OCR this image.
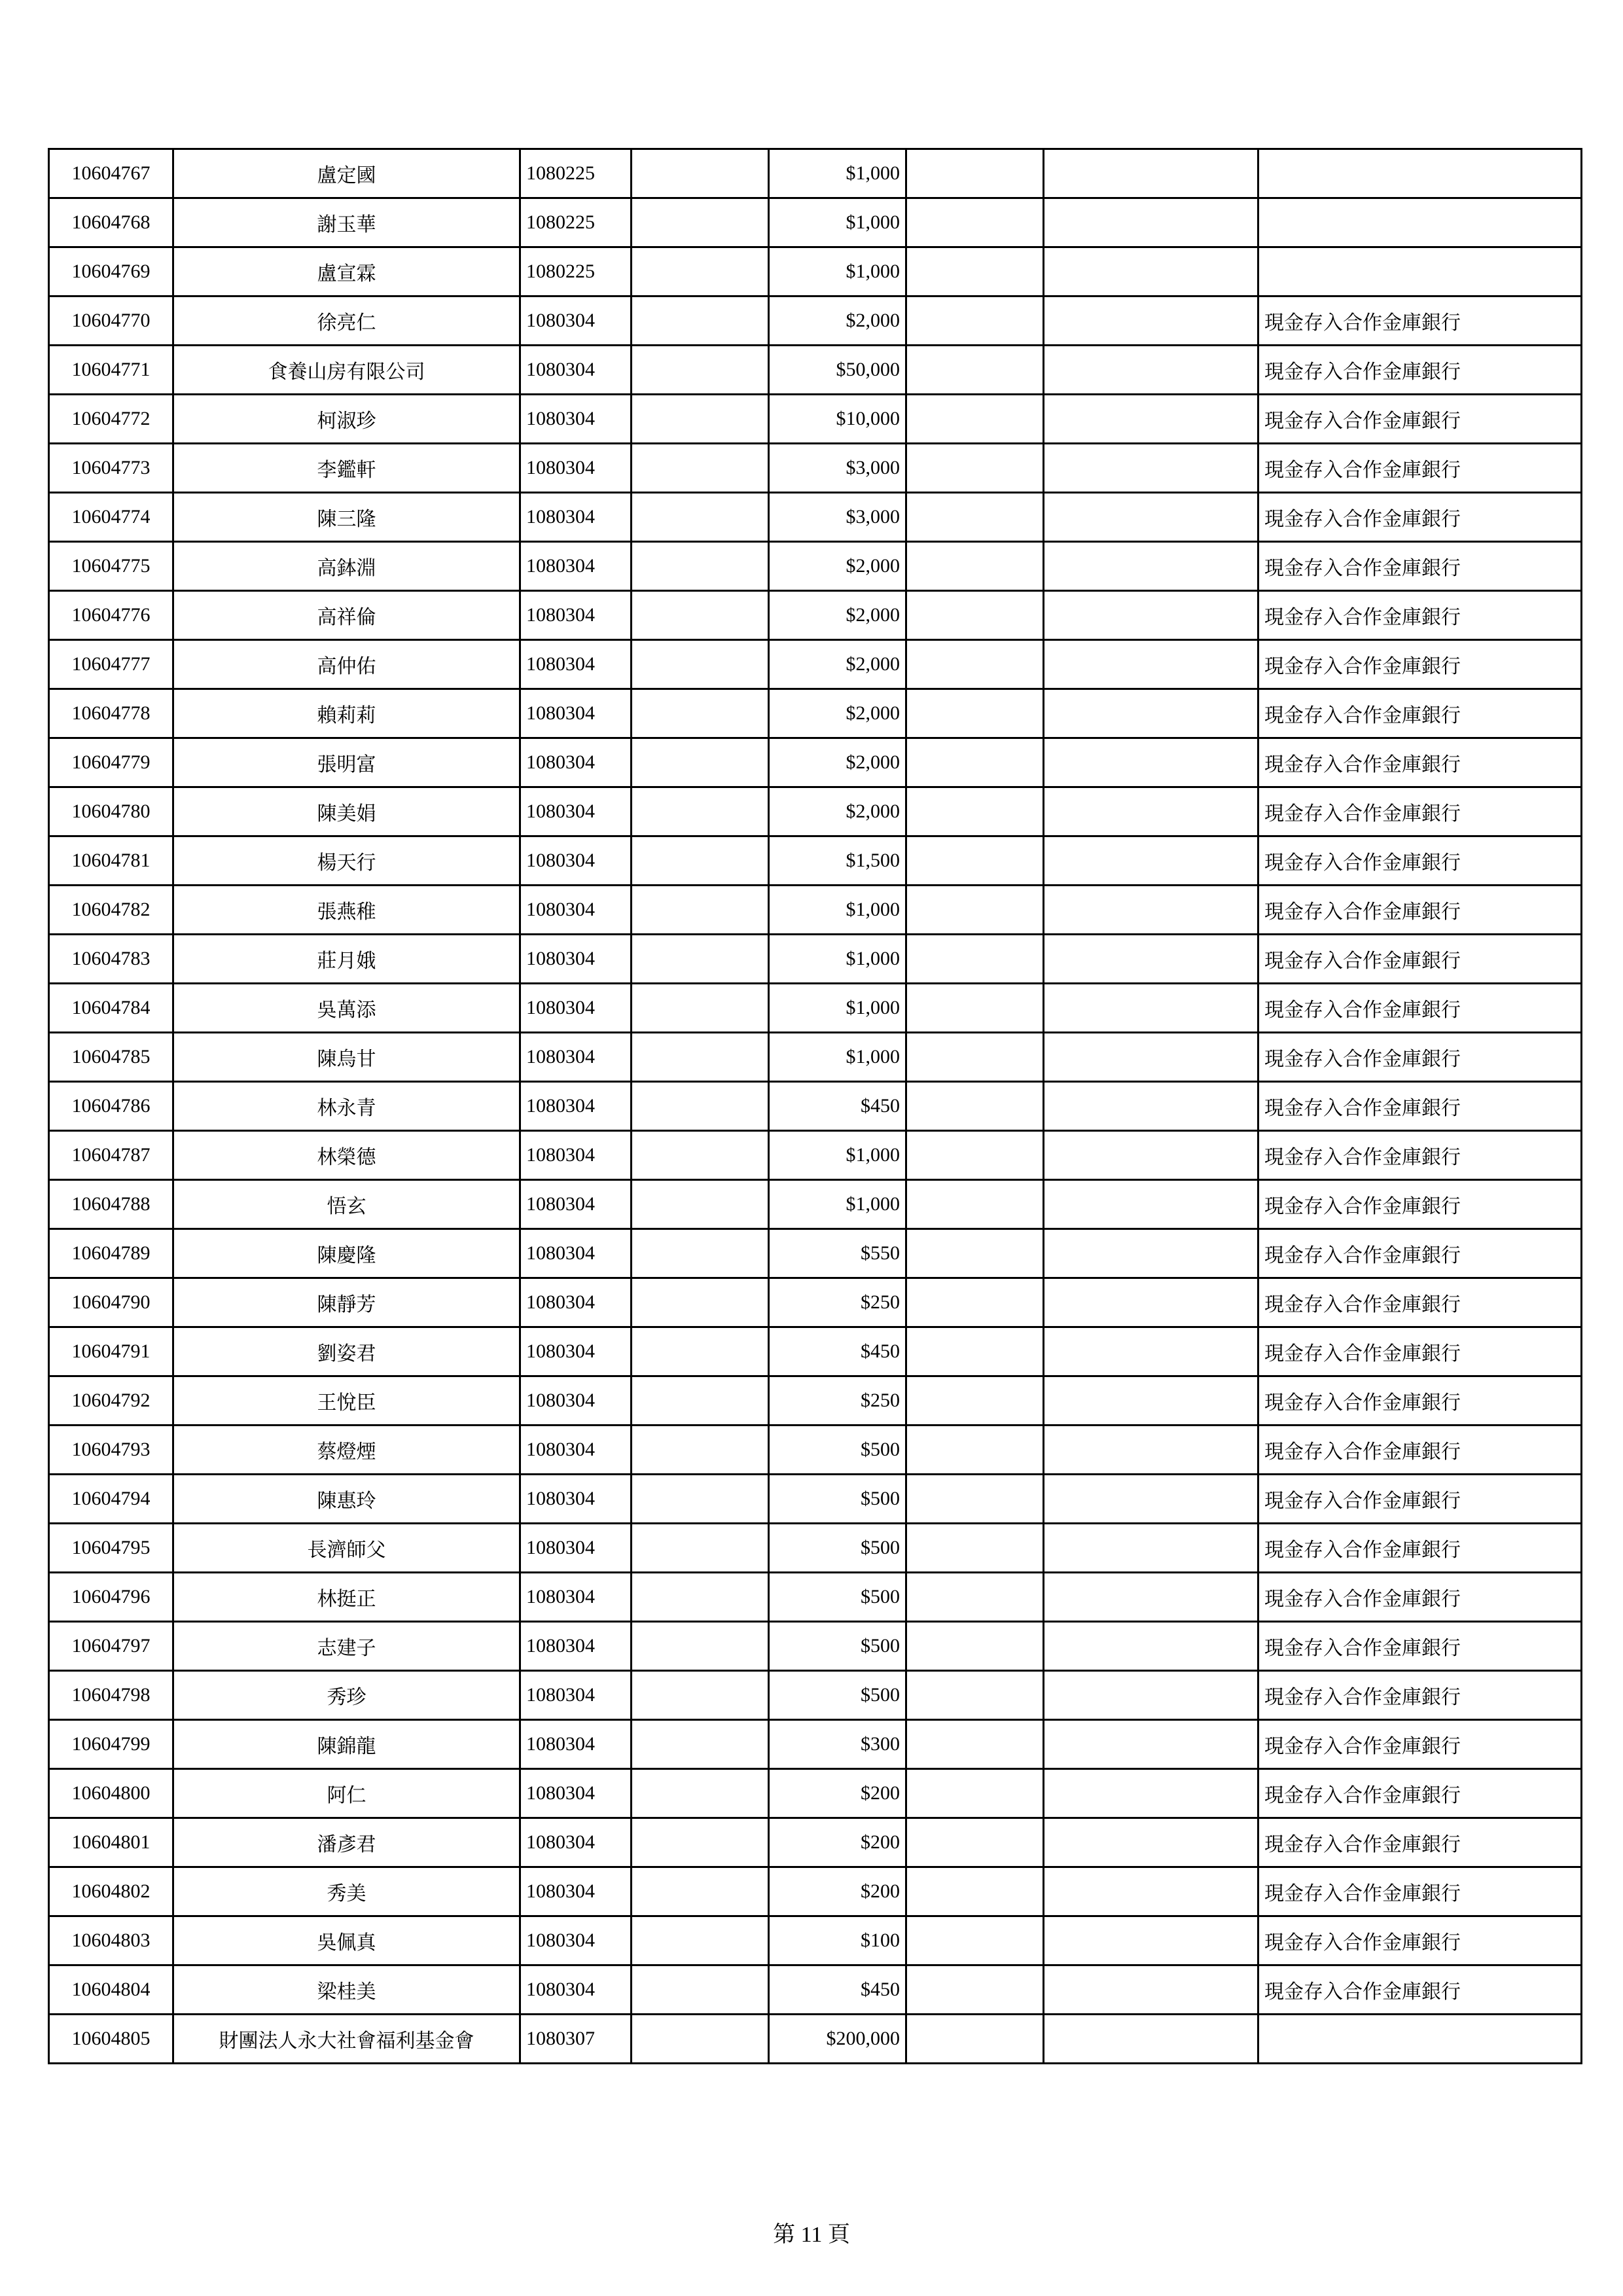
10604767	盧定國	1080225		$1,000			
10604768	謝玉華	1080225		$1,000			
10604769	盧宣霖	1080225		$1,000			
10604770	徐亮仁	1080304		$2,000			現金存入合作金庫銀行
10604771	食養山房有限公司	1080304		$50,000			現金存入合作金庫銀行
10604772	柯淑珍	1080304		$10,000			現金存入合作金庫銀行
10604773	李鑑軒	1080304		$3,000			現金存入合作金庫銀行
10604774	陳三隆	1080304		$3,000			現金存入合作金庫銀行
10604775	高鉢淵	1080304		$2,000			現金存入合作金庫銀行
10604776	高祥倫	1080304		$2,000			現金存入合作金庫銀行
10604777	高仲佑	1080304		$2,000			現金存入合作金庫銀行
10604778	賴莉莉	1080304		$2,000			現金存入合作金庫銀行
10604779	張明富	1080304		$2,000			現金存入合作金庫銀行
10604780	陳美娟	1080304		$2,000			現金存入合作金庫銀行
10604781	楊天行	1080304		$1,500			現金存入合作金庫銀行
10604782	張燕稚	1080304		$1,000			現金存入合作金庫銀行
10604783	莊月娥	1080304		$1,000			現金存入合作金庫銀行
10604784	吳萬添	1080304		$1,000			現金存入合作金庫銀行
10604785	陳烏甘	1080304		$1,000			現金存入合作金庫銀行
10604786	林永青	1080304		$450			現金存入合作金庫銀行
10604787	林榮德	1080304		$1,000			現金存入合作金庫銀行
10604788	悟玄	1080304		$1,000			現金存入合作金庫銀行
10604789	陳慶隆	1080304		$550			現金存入合作金庫銀行
10604790	陳靜芳	1080304		$250			現金存入合作金庫銀行
10604791	劉姿君	1080304		$450			現金存入合作金庫銀行
10604792	王悅臣	1080304		$250			現金存入合作金庫銀行
10604793	蔡燈煙	1080304		$500			現金存入合作金庫銀行
10604794	陳惠玲	1080304		$500			現金存入合作金庫銀行
10604795	長濟師父	1080304		$500			現金存入合作金庫銀行
10604796	林挺正	1080304		$500			現金存入合作金庫銀行
10604797	志建子	1080304		$500			現金存入合作金庫銀行
10604798	秀珍	1080304		$500			現金存入合作金庫銀行
10604799	陳錦龍	1080304		$300			現金存入合作金庫銀行
10604800	阿仁	1080304		$200			現金存入合作金庫銀行
10604801	潘彥君	1080304		$200			現金存入合作金庫銀行
10604802	秀美	1080304		$200			現金存入合作金庫銀行
10604803	吳佩真	1080304		$100			現金存入合作金庫銀行
10604804	梁桂美	1080304		$450			現金存入合作金庫銀行
10604805	財團法人永大社會福利基金會	1080307		$200,000			
第 11 頁
